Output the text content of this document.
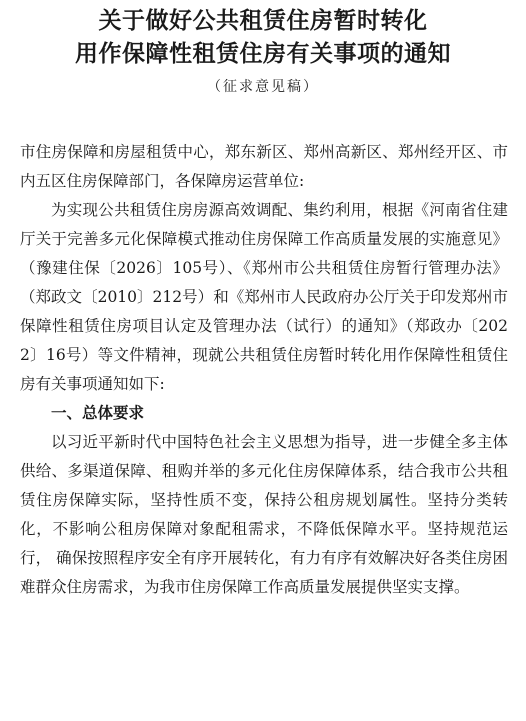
关于做好公共租赁住房暂时转化
用作保障性租赁住房有关事项的通知
（征求意见稿）

市住房保障和房屋租赁中心，郑东新区、郑州高新区、郑州经开区、市内五区住房保障部门，各保障房运营单位:

为实现公共租赁住房房源高效调配、集约利用，根据《河南省住建厅关于完善多元化保障模式推动住房保障工作高质量发展的实施意见》（豫建住保〔2026〕105号）、《郑州市公共租赁住房暂行管理办法》（郑政文〔2010〕212号）和《郑州市人民政府办公厅关于印发郑州市保障性租赁住房项目认定及管理办法（试行）的通知》（郑政办〔2022〕16号）等文件精神，现就公共租赁住房暂时转化用作保障性租赁住房有关事项通知如下:

一、总体要求

以习近平新时代中国特色社会主义思想为指导，进一步健全多主体供给、多渠道保障、租购并举的多元化住房保障体系，结合我市公共租赁住房保障实际，坚持性质不变，保持公租房规划属性。坚持分类转化，不影响公租房保障对象配租需求，不降低保障水平。坚持规范运行， 确保按照程序安全有序开展转化，有力有序有效解决好各类住房困难群众住房需求，为我市住房保障工作高质量发展提供坚实支撑。
